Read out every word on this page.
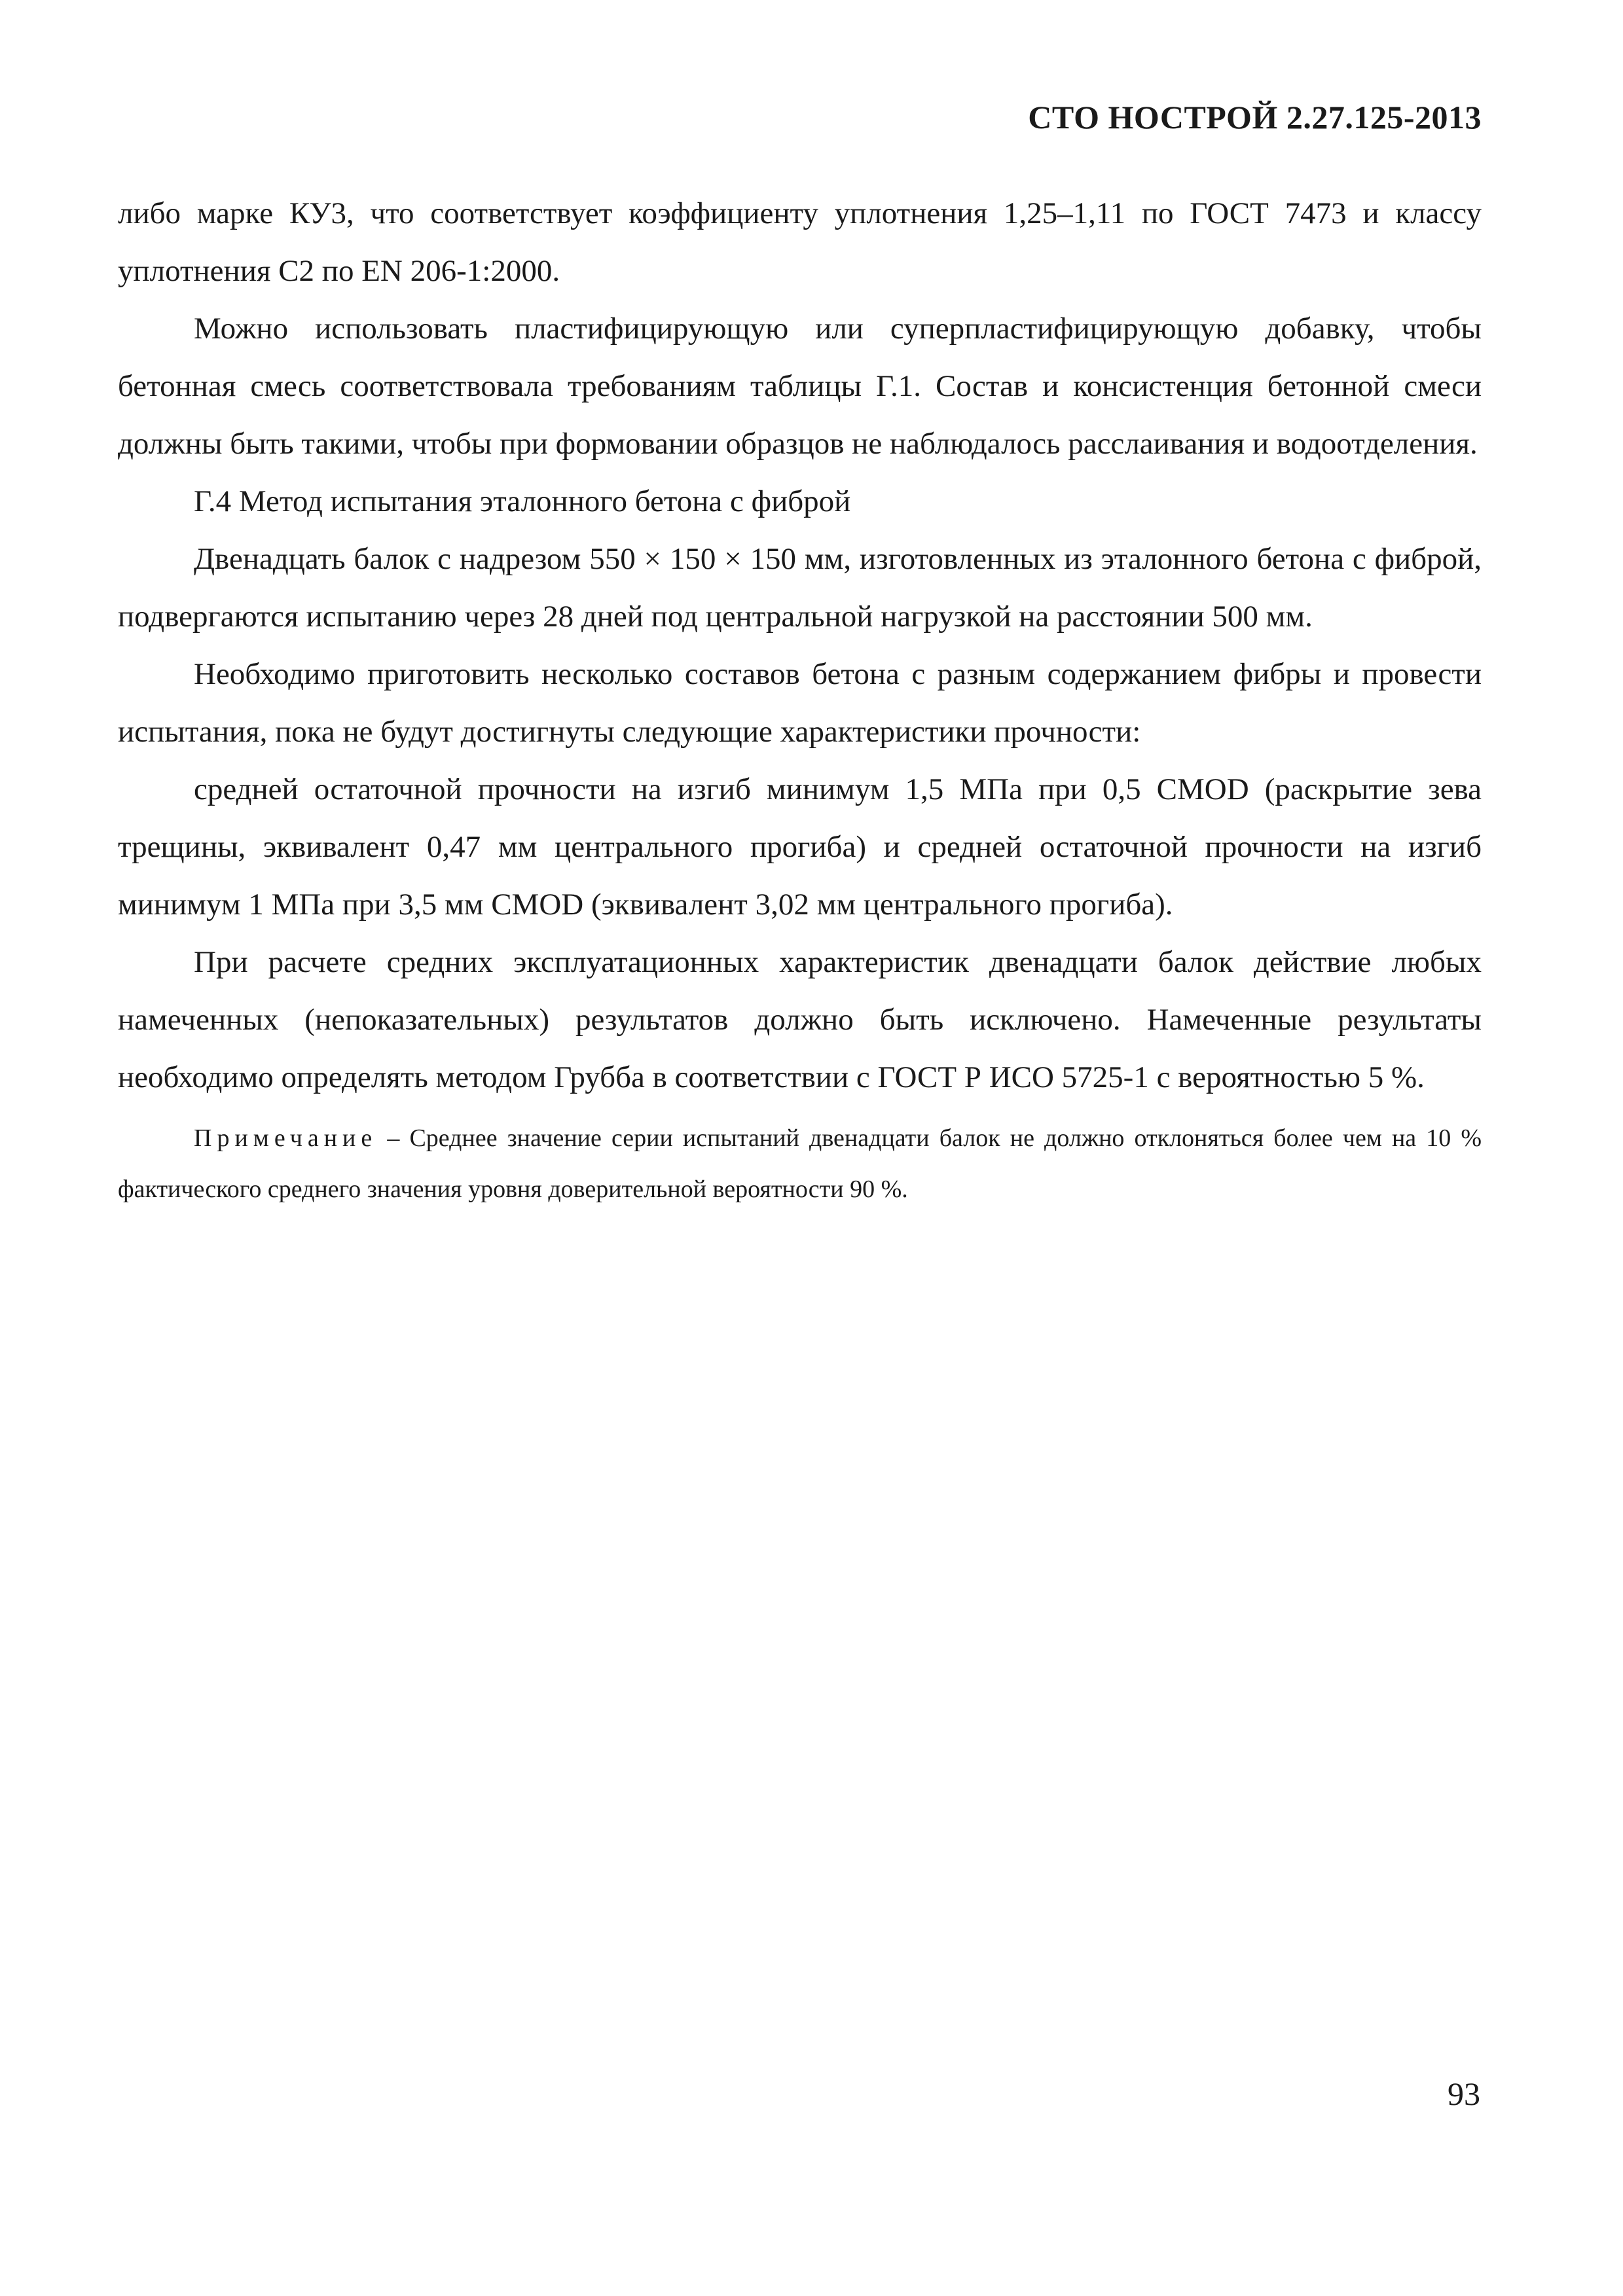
СТО НОСТРОЙ 2.27.125-2013

либо марке КУ3, что соответствует коэффициенту уплотнения 1,25–1,11 по ГОСТ 7473 и классу уплотнения С2 по EN 206-1:2000.

Можно использовать пластифицирующую или суперпластифицирующую добавку, чтобы бетонная смесь соответствовала требованиям таблицы Г.1. Состав и консистенция бетонной смеси должны быть такими, чтобы при формовании образцов не наблюдалось расслаивания и водоотделения.

Г.4 Метод испытания эталонного бетона с фиброй

Двенадцать балок с надрезом 550 × 150 × 150 мм, изготовленных из эталонного бетона с фиброй, подвергаются испытанию через 28 дней под центральной нагрузкой на расстоянии 500 мм.

Необходимо приготовить несколько составов бетона с разным содержанием фибры и провести испытания, пока не будут достигнуты следующие характеристики прочности:

средней остаточной прочности на изгиб минимум 1,5 МПа при 0,5 CMOD (раскрытие зева трещины, эквивалент 0,47 мм центрального прогиба) и средней остаточной прочности на изгиб минимум 1 МПа при 3,5 мм CMOD (эквивалент 3,02 мм центрального прогиба).

При расчете средних эксплуатационных характеристик двенадцати балок действие любых намеченных (непоказательных) результатов должно быть исключено. Намеченные результаты необходимо определять методом Грубба в соответствии с ГОСТ Р ИСО 5725-1 с вероятностью 5 %.

Примечание – Среднее значение серии испытаний двенадцати балок не должно отклоняться более чем на 10 % фактического среднего значения уровня доверительной вероятности 90 %.

93
